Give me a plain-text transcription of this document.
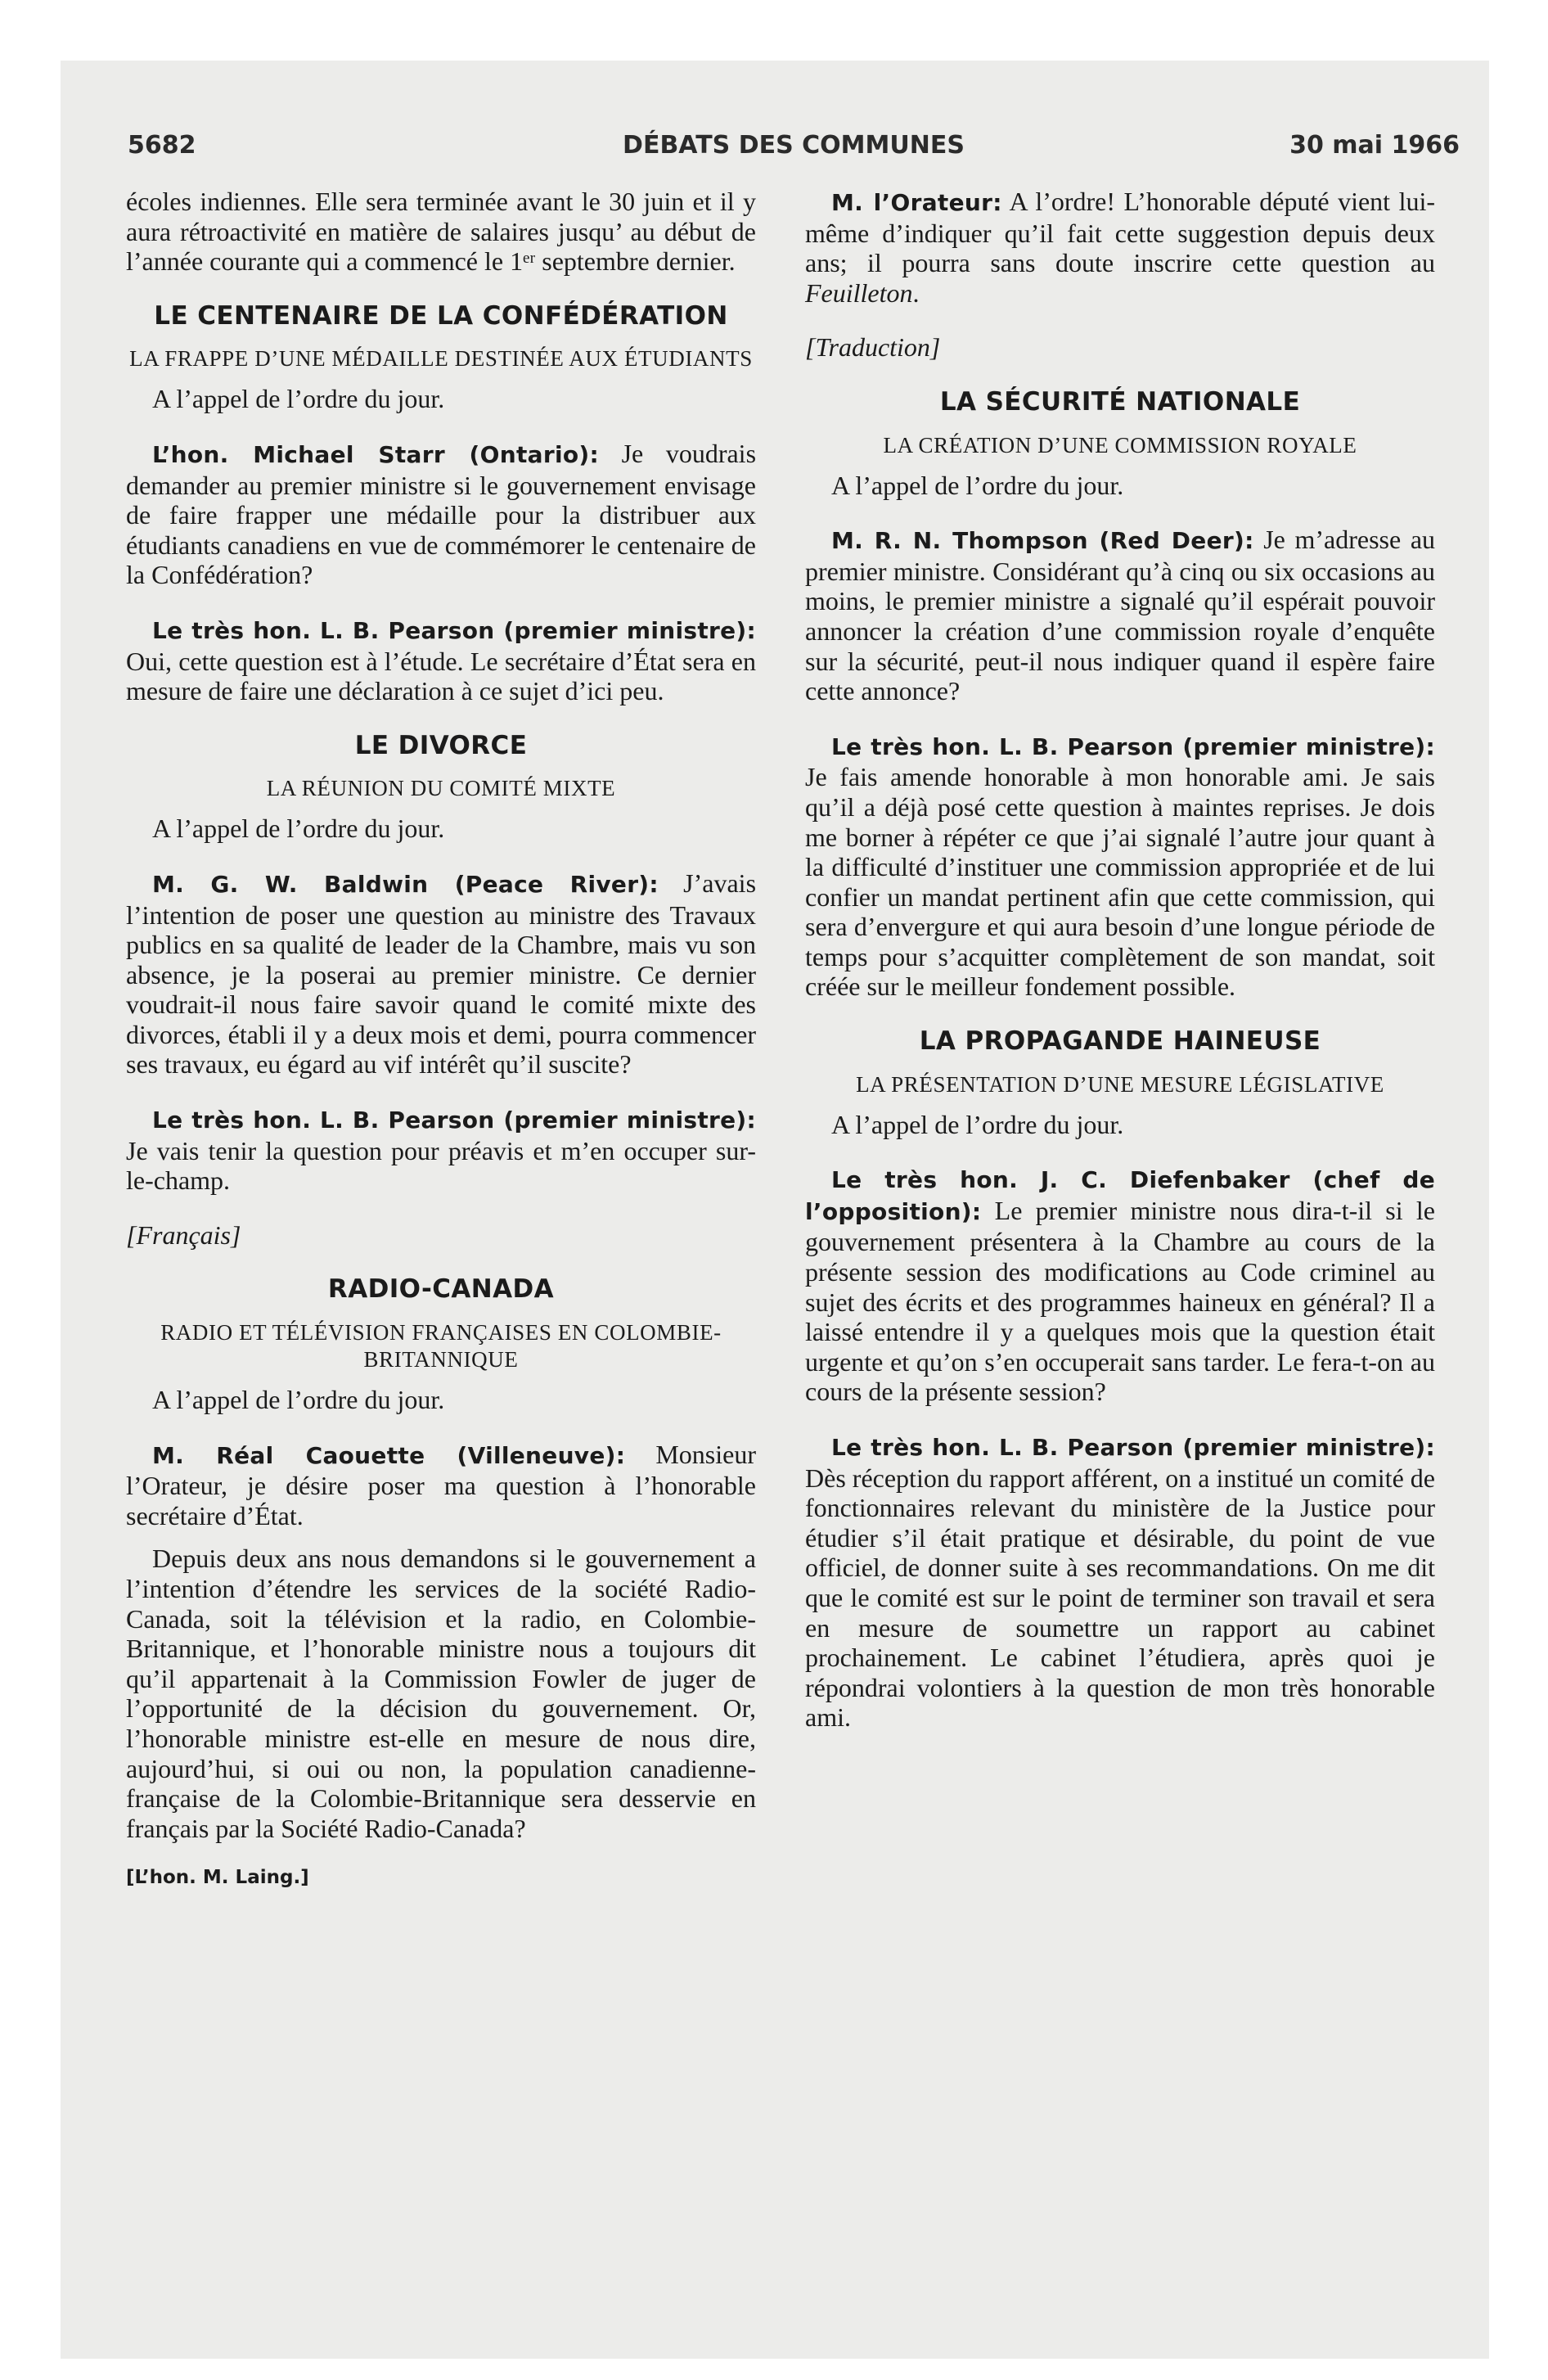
5682	DÉBATS DES COMMUNES	30 mai 1966

écoles indiennes. Elle sera terminée avant le 30 juin et il y aura rétroactivité en matière de salaires jusqu’ au début de l’année courante qui a commencé le 1ᵉʳ septembre dernier.

LE CENTENAIRE DE LA CONFÉDÉRATION
LA FRAPPE D’UNE MÉDAILLE DESTINÉE AUX ÉTUDIANTS

A l’appel de l’ordre du jour.

L’hon. Michael Starr (Ontario): Je voudrais demander au premier ministre si le gouvernement envisage de faire frapper une médaille pour la distribuer aux étudiants canadiens en vue de commémorer le centenaire de la Confédération?

Le très hon. L. B. Pearson (premier ministre): Oui, cette question est à l’étude. Le secrétaire d’État sera en mesure de faire une déclaration à ce sujet d’ici peu.

LE DIVORCE
LA RÉUNION DU COMITÉ MIXTE

A l’appel de l’ordre du jour.

M. G. W. Baldwin (Peace River): J’avais l’intention de poser une question au ministre des Travaux publics en sa qualité de leader de la Chambre, mais vu son absence, je la poserai au premier ministre. Ce dernier voudrait-il nous faire savoir quand le comité mixte des divorces, établi il y a deux mois et demi, pourra commencer ses travaux, eu égard au vif intérêt qu’il suscite?

Le très hon. L. B. Pearson (premier ministre): Je vais tenir la question pour préavis et m’en occuper sur-le-champ.

[Français]

RADIO-CANADA
RADIO ET TÉLÉVISION FRANÇAISES EN COLOMBIE-BRITANNIQUE

A l’appel de l’ordre du jour.

M. Réal Caouette (Villeneuve): Monsieur l’Orateur, je désire poser ma question à l’honorable secrétaire d’État.

Depuis deux ans nous demandons si le gouvernement a l’intention d’étendre les services de la société Radio-Canada, soit la télévision et la radio, en Colombie-Britannique, et l’honorable ministre nous a toujours dit qu’il appartenait à la Commission Fowler de juger de l’opportunité de la décision du gouvernement. Or, l’honorable ministre est-elle en mesure de nous dire, aujourd’hui, si oui ou non, la population canadienne-française de la Colombie-Britannique sera desservie en français par la Société Radio-Canada?

[L’hon. M. Laing.]

M. l’Orateur: A l’ordre! L’honorable député vient lui-même d’indiquer qu’il fait cette suggestion depuis deux ans; il pourra sans doute inscrire cette question au Feuilleton.

[Traduction]

LA SÉCURITÉ NATIONALE
LA CRÉATION D’UNE COMMISSION ROYALE

A l’appel de l’ordre du jour.

M. R. N. Thompson (Red Deer): Je m’adresse au premier ministre. Considérant qu’à cinq ou six occasions au moins, le premier ministre a signalé qu’il espérait pouvoir annoncer la création d’une commission royale d’enquête sur la sécurité, peut-il nous indiquer quand il espère faire cette annonce?

Le très hon. L. B. Pearson (premier ministre): Je fais amende honorable à mon honorable ami. Je sais qu’il a déjà posé cette question à maintes reprises. Je dois me borner à répéter ce que j’ai signalé l’autre jour quant à la difficulté d’instituer une commission appropriée et de lui confier un mandat pertinent afin que cette commission, qui sera d’envergure et qui aura besoin d’une longue période de temps pour s’acquitter complètement de son mandat, soit créée sur le meilleur fondement possible.

LA PROPAGANDE HAINEUSE
LA PRÉSENTATION D’UNE MESURE LÉGISLATIVE

A l’appel de l’ordre du jour.

Le très hon. J. C. Diefenbaker (chef de l’opposition): Le premier ministre nous dira-t-il si le gouvernement présentera à la Chambre au cours de la présente session des modifications au Code criminel au sujet des écrits et des programmes haineux en général? Il a laissé entendre il y a quelques mois que la question était urgente et qu’on s’en occuperait sans tarder. Le fera-t-on au cours de la présente session?

Le très hon. L. B. Pearson (premier ministre): Dès réception du rapport afférent, on a institué un comité de fonctionnaires relevant du ministère de la Justice pour étudier s’il était pratique et désirable, du point de vue officiel, de donner suite à ses recommandations. On me dit que le comité est sur le point de terminer son travail et sera en mesure de soumettre un rapport au cabinet prochainement. Le cabinet l’étudiera, après quoi je répondrai volontiers à la question de mon très honorable ami.
